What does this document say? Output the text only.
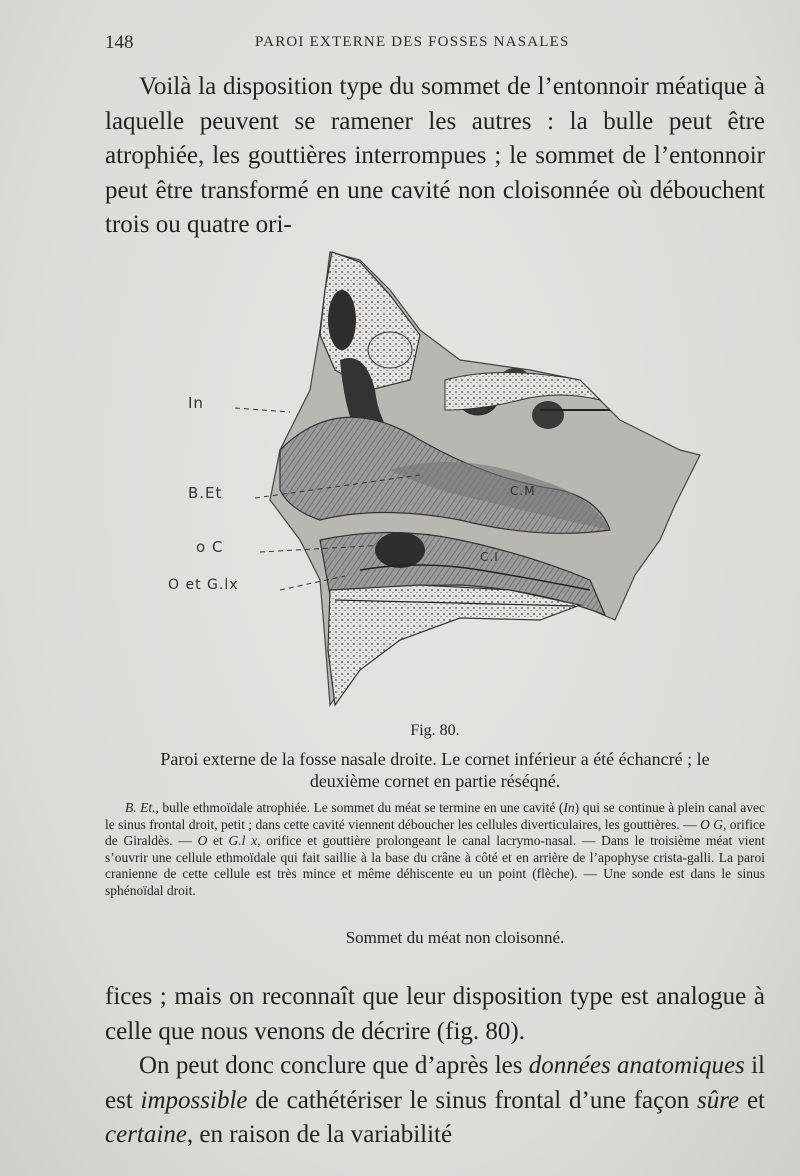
148	PAROI EXTERNE DES FOSSES NASALES

Voilà la disposition type du sommet de l’entonnoir méatique à laquelle peuvent se ramener les autres : la bulle peut être atrophiée, les gouttières interrompues ; le sommet de l’entonnoir peut être transformé en une cavité non cloisonnée où débouchent trois ou quatre ori-

In
B.Et
o C
O et G.lx
C.M
C.I
Fig. 80.
Paroi externe de la fosse nasale droite. Le cornet inférieur a été échancré ; le deuxième cornet en partie réséqné.
B. Et., bulle ethmoïdale atrophiée. Le sommet du méat se termine en une cavité (In) qui se continue à plein canal avec le sinus frontal droit, petit ; dans cette cavité viennent déboucher les cellules diverticulaires, les gouttières. — O G, orifice de Giraldès. — O et G.l x, orifice et gouttière prolongeant le canal lacrymo-nasal. — Dans le troisième méat vient s’ouvrir une cellule ethmoïdale qui fait saillie à la base du crâne à côté et en arrière de l’apophyse crista-galli. La paroi cranienne de cette cellule est très mince et même déhiscente eu un point (flèche). — Une sonde est dans le sinus sphénoïdal droit.
Sommet du méat non cloisonné.

fices ; mais on reconnaît que leur disposition type est analogue à celle que nous venons de décrire (fig. 80).

On peut donc conclure que d’après les données anatomiques il est impossible de cathétériser le sinus frontal d’une façon sûre et certaine, en raison de la variabilité
